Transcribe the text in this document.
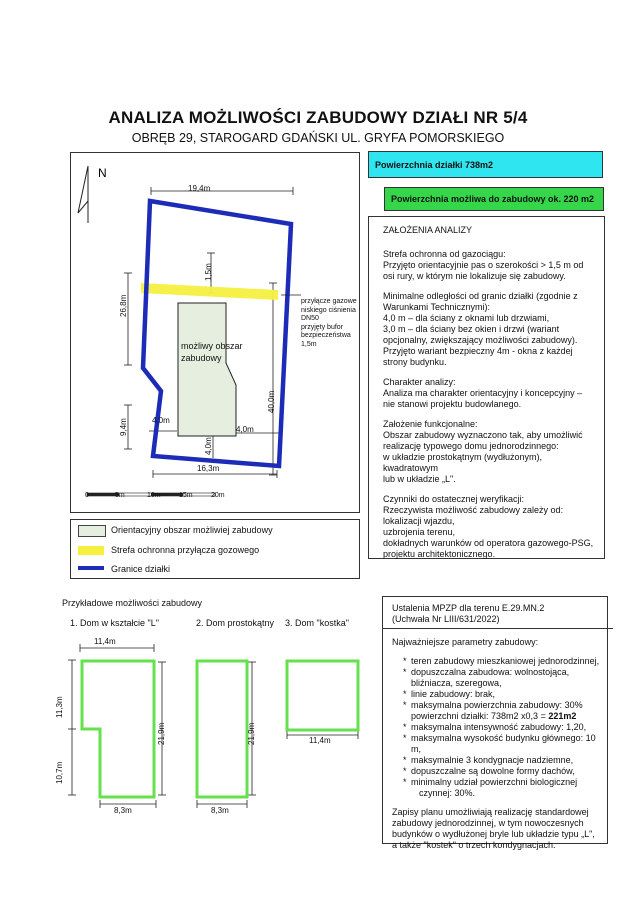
ANALIZA MOŻLIWOŚCI ZABUDOWY DZIAŁI NR 5/4
OBRĘB 29, STAROGARD GDAŃSKI UL. GRYFA POMORSKIEGO
N
19,4m
26,8m
9,4m
40,0m
16,3m
1,5m
4,0m
4,0m
4,0m
możliwy obszar
zabudowy
przyłącze gazowe
niskiego ciśnienia DN50
przyjęty bufor
bezpieczeństwa 1,5m
0	5m	10m	15m	20m
Orientacyjny obszar możliwiej zabudowy
Strefa ochronna przyłącza gozowego
Granice działki
Powierzchnia działki 738m2
Powierzchnia możliwa do zabudowy ok. 220 m2
ZAŁOŻENIA ANALIZY
Strefa ochronna od gazociągu:
Przyjęto orientacyjnie pas o szerokości > 1,5 m od
osi rury, w którym nie lokalizuje się zabudowy.
Minimalne odległości od granic działki (zgodnie z
Warunkami Technicznymi):
4,0 m – dla ściany z oknami lub drzwiami,
3,0 m – dla ściany bez okien i drzwi (wariant
opcjonalny, zwiększający możliwości zabudowy).
Przyjęto wariant bezpieczny 4m - okna z każdej
strony budynku.
Charakter analizy:
Analiza ma charakter orientacyjny i koncepcyjny –
nie stanowi projektu budowlanego.
Założenie funkcjonalne:
Obszar zabudowy wyznaczono tak, aby umożliwić
realizację typowego domu jednorodzinnego:
w układzie prostokątnym (wydłużonym),
kwadratowym
lub w układzie „L".
Czynniki do ostatecznej weryfikacji:
Rzeczywista możliwość zabudowy zależy od:
lokalizacji wjazdu,
uzbrojenia terenu,
dokładnych warunków od operatora gazowego-PSG,
projektu architektonicznego.
Przykładowe możliwości zabudowy
1. Dom w kształcie "L"	2. Dom prostokątny 3. Dom "kostka"
11,4m
11,3m
10,7m
21,9m
8,3m
21,9m
8,3m
11,4m
Ustalenia MPZP dla terenu E.29.MN.2
(Uchwała Nr LIII/631/2022)
Najważniejsze parametry zabudowy:
* teren zabudowy mieszkaniowej jednorodzinnej,
* dopuszczalna zabudowa: wolnostojąca,
bliźniacza, szeregowa,
* linie zabudowy: brak,
* maksymalna powierzchnia zabudowy: 30%
powierzchni działki: 738m2 x0,3 = 221m2
* maksymalna intensywność zabudowy: 1,20,
* maksymalna wysokość budynku głównego: 10 m,
* maksymalnie 3 kondygnacje nadziemne,
* dopuszczalne są dowolne formy dachów,
* minimalny udział powierzchni biologicznej
czynnej: 30%.
Zapisy planu umożliwiają realizację standardowej
zabudowy jednorodzinnej, w tym nowoczesnych
budynków o wydłużonej bryle lub układzie typu „L",
a także "kostek" o trzech kondygnacjach.
